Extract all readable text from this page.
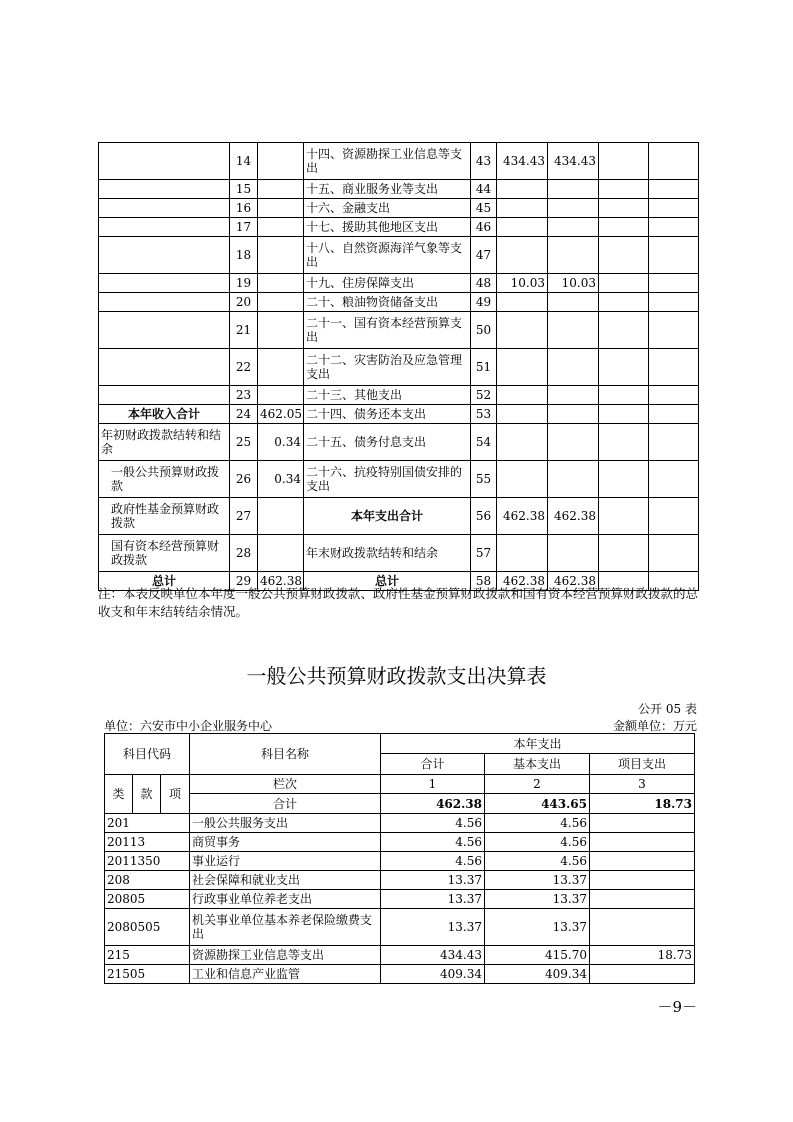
	14		十四、资源勘探工业信息等支出	43	434.43	434.43		
	15		十五、商业服务业等支出	44				
	16		十六、金融支出	45				
	17		十七、援助其他地区支出	46				
	18		十八、自然资源海洋气象等支出	47				
	19		十九、住房保障支出	48	10.03	10.03		
	20		二十、粮油物资储备支出	49				
	21		二十一、国有资本经营预算支出	50				
	22		二十二、灾害防治及应急管理支出	51				
	23		二十三、其他支出	52				
本年收入合计	24	462.05	二十四、债务还本支出	53				
年初财政拨款结转和结余	25	0.34	二十五、债务付息支出	54				
一般公共预算财政拨款	26	0.34	二十六、抗疫特别国债安排的支出	55				
政府性基金预算财政拨款	27		本年支出合计	56	462.38	462.38		
国有资本经营预算财政拨款	28		年末财政拨款结转和结余	57				
总计	29	462.38	总计	58	462.38	462.38		
注：本表反映单位本年度一般公共预算财政拨款、政府性基金预算财政拨款和国有资本经营预算财政拨款的总收支和年末结转结余情况。
一般公共预算财政拨款支出决算表
公开 05 表
单位：六安市中小企业服务中心	金额单位：万元
科目代码			科目名称	本年支出		
				合计	基本支出	项目支出
类	款	项	栏次	1	2	3
			合计	462.38	443.65	18.73
201			一般公共服务支出	4.56	4.56	
20113			商贸事务	4.56	4.56	
2011350			事业运行	4.56	4.56	
208			社会保障和就业支出	13.37	13.37	
20805			行政事业单位养老支出	13.37	13.37	
2080505			机关事业单位基本养老保险缴费支出	13.37	13.37	
215			资源勘探工业信息等支出	434.43	415.70	18.73
21505			工业和信息产业监管	409.34	409.34	
－9－
